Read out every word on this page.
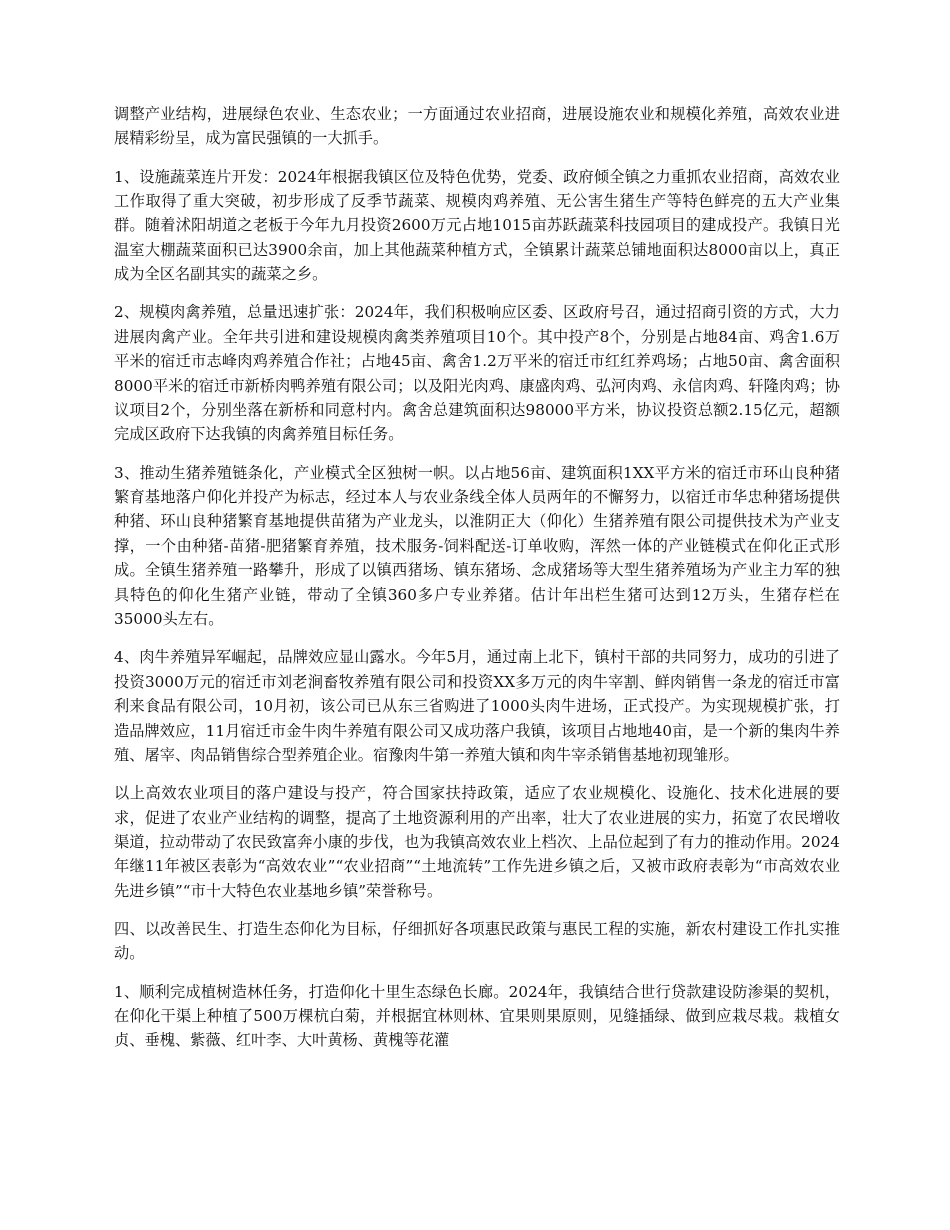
调整产业结构，进展绿色农业、生态农业；一方面通过农业招商，进展设施农业和规模化养殖，高效农业进展精彩纷呈，成为富民强镇的一大抓手。

1、设施蔬菜连片开发：2024年根据我镇区位及特色优势，党委、政府倾全镇之力重抓农业招商，高效农业工作取得了重大突破，初步形成了反季节蔬菜、规模肉鸡养殖、无公害生猪生产等特色鲜亮的五大产业集群。随着沭阳胡道之老板于今年九月投资2600万元占地1015亩苏跃蔬菜科技园项目的建成投产。我镇日光温室大棚蔬菜面积已达3900余亩，加上其他蔬菜种植方式，全镇累计蔬菜总铺地面积达8000亩以上，真正成为全区名副其实的蔬菜之乡。

2、规模肉禽养殖，总量迅速扩张：2024年，我们积极响应区委、区政府号召，通过招商引资的方式，大力进展肉禽产业。全年共引进和建设规模肉禽类养殖项目10个。其中投产8个，分别是占地84亩、鸡舍1.6万平米的宿迁市志峰肉鸡养殖合作社；占地45亩、禽舍1.2万平米的宿迁市红红养鸡场；占地50亩、禽舍面积8000平米的宿迁市新桥肉鸭养殖有限公司；以及阳光肉鸡、康盛肉鸡、弘河肉鸡、永信肉鸡、轩隆肉鸡；协议项目2个，分别坐落在新桥和同意村内。禽舍总建筑面积达98000平方米，协议投资总额2.15亿元，超额完成区政府下达我镇的肉禽养殖目标任务。

3、推动生猪养殖链条化，产业模式全区独树一帜。以占地56亩、建筑面积1XX平方米的宿迁市环山良种猪繁育基地落户仰化并投产为标志，经过本人与农业条线全体人员两年的不懈努力，以宿迁市华忠种猪场提供种猪、环山良种猪繁育基地提供苗猪为产业龙头，以淮阴正大（仰化）生猪养殖有限公司提供技术为产业支撑，一个由种猪-苗猪-肥猪繁育养殖，技术服务-饲料配送-订单收购，浑然一体的产业链模式在仰化正式形成。全镇生猪养殖一路攀升，形成了以镇西猪场、镇东猪场、念成猪场等大型生猪养殖场为产业主力军的独具特色的仰化生猪产业链，带动了全镇360多户专业养猪。估计年出栏生猪可达到12万头，生猪存栏在35000头左右。

4、肉牛养殖异军崛起，品牌效应显山露水。今年5月，通过南上北下，镇村干部的共同努力，成功的引进了投资3000万元的宿迁市刘老涧畜牧养殖有限公司和投资XX多万元的肉牛宰割、鲜肉销售一条龙的宿迁市富利来食品有限公司，10月初，该公司已从东三省购进了1000头肉牛进场，正式投产。为实现规模扩张，打造品牌效应，11月宿迁市金牛肉牛养殖有限公司又成功落户我镇，该项目占地地40亩，是一个新的集肉牛养殖、屠宰、肉品销售综合型养殖企业。宿豫肉牛第一养殖大镇和肉牛宰杀销售基地初现雏形。

以上高效农业项目的落户建设与投产，符合国家扶持政策，适应了农业规模化、设施化、技术化进展的要求，促进了农业产业结构的调整，提高了土地资源利用的产出率，壮大了农业进展的实力，拓宽了农民增收渠道，拉动带动了农民致富奔小康的步伐，也为我镇高效农业上档次、上品位起到了有力的推动作用。2024年继11年被区表彰为“高效农业”“农业招商”“土地流转”工作先进乡镇之后，又被市政府表彰为“市高效农业先进乡镇”“市十大特色农业基地乡镇”荣誉称号。

四、以改善民生、打造生态仰化为目标，仔细抓好各项惠民政策与惠民工程的实施，新农村建设工作扎实推动。

1、顺利完成植树造林任务，打造仰化十里生态绿色长廊。2024年，我镇结合世行贷款建设防渗渠的契机，在仰化干渠上种植了500万棵杭白菊，并根据宜林则林、宜果则果原则，见缝插绿、做到应栽尽栽。栽植女贞、垂槐、紫薇、红叶李、大叶黄杨、黄槐等花灌
